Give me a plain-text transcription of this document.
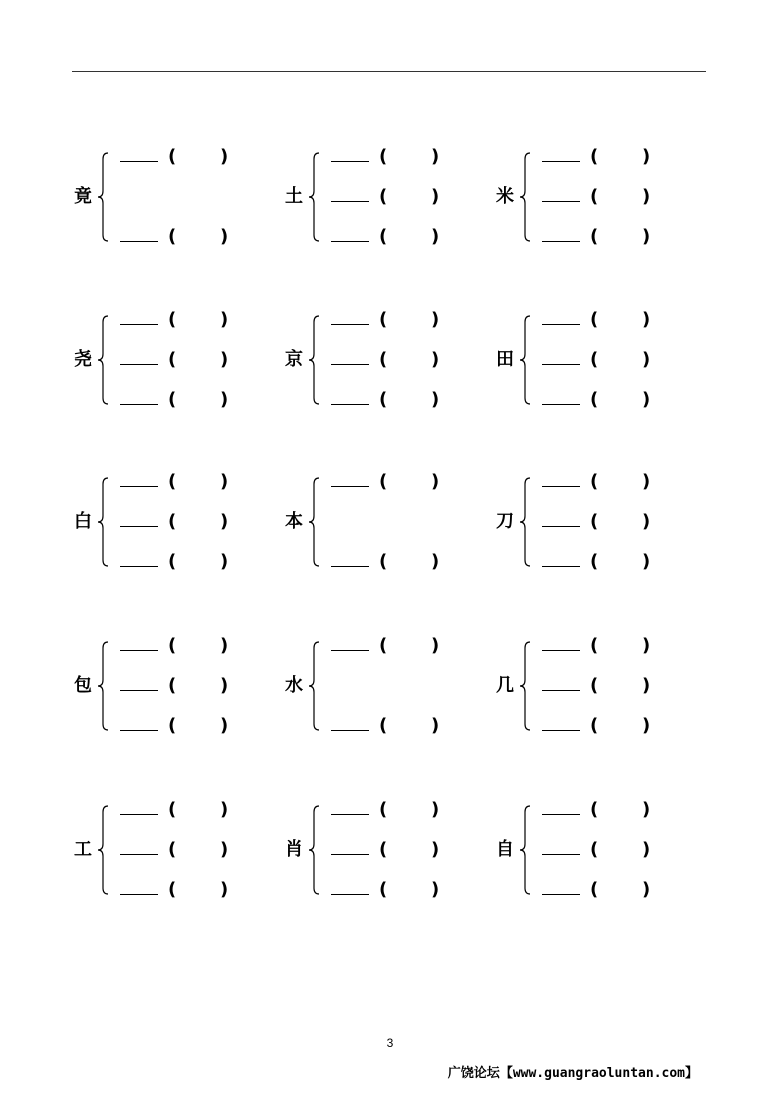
竟
( )
( )
土
( )
( )
( )
米
( )
( )
( )
尧
( )
( )
( )
京
( )
( )
( )
田
( )
( )
( )
白
( )
( )
( )
本
( )
( )
刀
( )
( )
( )
包
( )
( )
( )
水
( )
( )
几
( )
( )
( )
工
( )
( )
( )
肖
( )
( )
( )
自
( )
( )
( )
3
广饶论坛【www.guangraoluntan.com】
